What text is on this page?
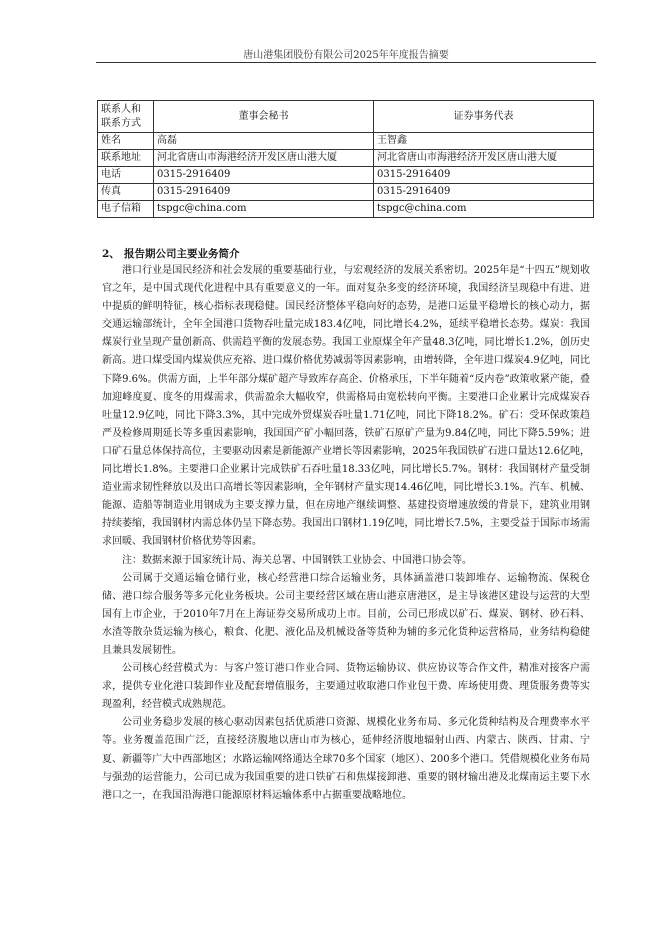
唐山港集团股份有限公司2025年年度报告摘要
联系人和联系方式	董事会秘书	证券事务代表
姓名	高磊	王智鑫
联系地址	河北省唐山市海港经济开发区唐山港大厦	河北省唐山市海港经济开发区唐山港大厦
电话	0315-2916409	0315-2916409
传真	0315-2916409	0315-2916409
电子信箱	tspgc@china.com	tspgc@china.com
2、 报告期公司主要业务简介

港口行业是国民经济和社会发展的重要基础行业，与宏观经济的发展关系密切。2025年是“十四五”规划收官之年，是中国式现代化进程中具有重要意义的一年。面对复杂多变的经济环境，我国经济呈现稳中有进、进中提质的鲜明特征，核心指标表现稳健。国民经济整体平稳向好的态势，是港口运量平稳增长的核心动力，据交通运输部统计，全年全国港口货物吞吐量完成183.4亿吨，同比增长4.2%，延续平稳增长态势。煤炭：我国煤炭行业呈现产量创新高、供需趋平衡的发展态势。我国工业原煤全年产量48.3亿吨，同比增长1.2%，创历史新高。进口煤受国内煤炭供应充裕、进口煤价格优势减弱等因素影响，由增转降，全年进口煤炭4.9亿吨，同比下降9.6%。供需方面，上半年部分煤矿超产导致库存高企、价格承压，下半年随着“反内卷”政策收紧产能，叠加迎峰度夏、度冬的用煤需求，供需盈余大幅收窄，供需格局由宽松转向平衡。主要港口企业累计完成煤炭吞吐量12.9亿吨，同比下降3.3%，其中完成外贸煤炭吞吐量1.71亿吨，同比下降18.2%。矿石：受环保政策趋严及检修周期延长等多重因素影响，我国国产矿小幅回落，铁矿石原矿产量为9.84亿吨，同比下降5.59%；进口矿石量总体保持高位，主要驱动因素是新能源产业增长等因素影响，2025年我国铁矿石进口量达12.6亿吨，同比增长1.8%。主要港口企业累计完成铁矿石吞吐量18.33亿吨，同比增长5.7%。钢材：我国钢材产量受制造业需求韧性释放以及出口高增长等因素影响，全年钢材产量实现14.46亿吨，同比增长3.1%。汽车、机械、能源、造船等制造业用钢成为主要支撑力量，但在房地产继续调整、基建投资增速放缓的背景下，建筑业用钢持续萎缩，我国钢材内需总体仍呈下降态势。我国出口钢材1.19亿吨，同比增长7.5%，主要受益于国际市场需求回暖、我国钢材价格优势等因素。

注：数据来源于国家统计局、海关总署、中国钢铁工业协会、中国港口协会等。

公司属于交通运输仓储行业，核心经营港口综合运输业务，具体涵盖港口装卸堆存、运输物流、保税仓储、港口综合服务等多元化业务板块。公司主要经营区域在唐山港京唐港区，是主导该港区建设与运营的大型国有上市企业，于2010年7月在上海证券交易所成功上市。目前，公司已形成以矿石、煤炭、钢材、砂石料、水渣等散杂货运输为核心，粮食、化肥、液化品及机械设备等货种为辅的多元化货种运营格局，业务结构稳健且兼具发展韧性。

公司核心经营模式为：与客户签订港口作业合同、货物运输协议、供应协议等合作文件，精准对接客户需求，提供专业化港口装卸作业及配套增值服务，主要通过收取港口作业包干费、库场使用费、理货服务费等实现盈利，经营模式成熟规范。

公司业务稳步发展的核心驱动因素包括优质港口资源、规模化业务布局、多元化货种结构及合理费率水平等。业务覆盖范围广泛，直接经济腹地以唐山市为核心，延伸经济腹地辐射山西、内蒙古、陕西、甘肃、宁夏、新疆等广大中西部地区；水路运输网络通达全球70多个国家（地区）、200多个港口。凭借规模化业务布局与强劲的运营能力，公司已成为我国重要的进口铁矿石和焦煤接卸港、重要的钢材输出港及北煤南运主要下水港口之一，在我国沿海港口能源原材料运输体系中占据重要战略地位。
